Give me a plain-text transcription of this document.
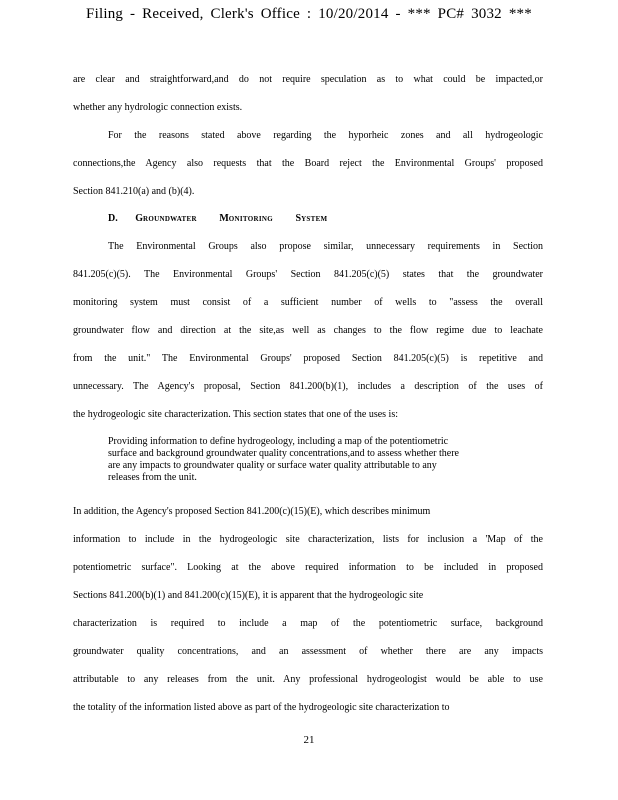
Filing - Received, Clerk's Office : 10/20/2014 - *** PC# 3032 ***
are clear and straightforward,and do not require speculation as to what could be impacted,or
whether any hydrologic connection exists.
For the reasons stated above regarding the hyporheic zones and all hydrogeologic
connections,the Agency also requests that the Board reject the Environmental Groups' proposed
Section 841.210(a) and (b)(4).
D. GROUNDWATER MONITORING SYSTEM
The Environmental Groups also propose similar, unnecessary requirements in Section
841.205(c)(5). The Environmental Groups' Section 841.205(c)(5) states that the groundwater
monitoring system must consist of a sufficient number of wells to "assess the overall
groundwater flow and direction at the site,as well as changes to the flow regime due to leachate
from the unit." The Environmental Groups' proposed Section 841.205(c)(5) is repetitive and
unnecessary. The Agency's proposal, Section 841.200(b)(1), includes a description of the uses of
the hydrogeologic site characterization. This section states that one of the uses is:
Providing information to define hydrogeology, including a map of the potentiometric
surface and background groundwater quality concentrations,and to assess whether there
are any impacts to groundwater quality or surface water quality attributable to any
releases from the unit.
In addition, the Agency's proposed Section 841.200(c)(15)(E), which describes minimum
information to include in the hydrogeologic site characterization, lists for inclusion a 'Map of the
potentiometric surface". Looking at the above required information to be included in proposed
Sections 841.200(b)(1) and 841.200(c)(15)(E), it is apparent that the hydrogeologic site
characterization is required to include a map of the potentiometric surface, background
groundwater quality concentrations, and an assessment of whether there are any impacts
attributable to any releases from the unit. Any professional hydrogeologist would be able to use
the totality of the information listed above as part of the hydrogeologic site characterization to
21
